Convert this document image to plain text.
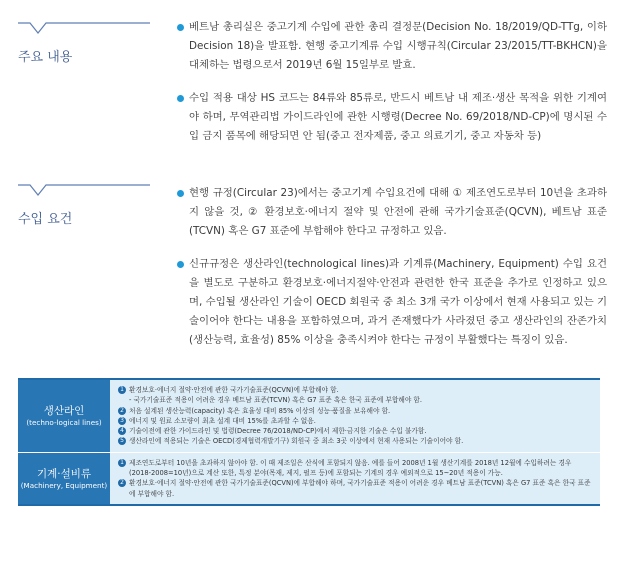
주요 내용

베트남 총리실은 중고기계 수입에 관한 총리 결정문(Decision No. 18/2019/QD-TTg, 이하 Decision 18)을 발표함. 현행 중고기계류 수입 시행규칙(Circular 23/2015/TT-BKHCN)을 대체하는 법령으로서 2019년 6월 15일부로 발효.

수입 적용 대상 HS 코드는 84류와 85류로, 반드시 베트남 내 제조·생산 목적을 위한 기계여야 하며, 무역관리법 가이드라인에 관한 시행령(Decree No. 69/2018/ND-CP)에 명시된 수입 금지 품목에 해당되면 안 됨(중고 전자제품, 중고 의료기기, 중고 자동차 등)

수입 요건

현행 규정(Circular 23)에서는 중고기계 수입요건에 대해 ① 제조연도로부터 10년을 초과하지 않을 것, ② 환경보호·에너지 절약 및 안전에 관해 국가기술표준(QCVN), 베트남 표준(TCVN) 혹은 G7 표준에 부합해야 한다고 규정하고 있음.

신규규정은 생산라인(technological lines)과 기계류(Machinery, Equipment) 수입 요건을 별도로 구분하고 환경보호·에너지절약·안전과 관련한 한국 표준을 추가로 인정하고 있으며, 수입될 생산라인 기술이 OECD 회원국 중 최소 3개 국가 이상에서 현재 사용되고 있는 기술이어야 한다는 내용을 포함하였으며, 과거 존재했다가 사라졌던 중고 생산라인의 잔존가치(생산능력, 효율성) 85% 이상을 충족시켜야 한다는 규정이 부활했다는 특징이 있음.

생산라인
(techno-logical lines)
1 환경보호·에너지 절약·안전에 관한 국가기술표준(QCVN)에 부합해야 함.
- 국가기술표준 적용이 어려운 경우 베트남 표준(TCVN) 혹은 G7 표준 혹은 한국 표준에 부합해야 함.
2 처음 설계된 생산능력(capacity) 혹은 효율성 대비 85% 이상의 성능·품질을 보유해야 함.
3 에너지 및 원료 소모량이 최초 설계 대비 15%를 초과할 수 없음.
4 기술이전에 관한 가이드라인 및 법령(Decree 76/2018/ND-CP)에서 제한·금지한 기술은 수입 불가함.
5 생산라인에 적용되는 기술은 OECD(경제협력개발기구) 회원국 중 최소 3곳 이상에서 현재 사용되는 기술이어야 함.
기계·설비류
(Machinery, Equipment)
1 제조연도로부터 10년을 초과하지 않아야 함. 이 때 제조일은 산식에 포함되지 않음. 예를 들어 2008년 1월 생산기계를 2018년 12월에 수입하려는 경우 (2018-2008=10년)으로 계산 또한, 특정 분야(목재, 제지, 펄프 등)에 포함되는 기계의 경우 예외적으로 15~20년 적용이 가능.
2 환경보호·에너지 절약·안전에 관한 국가기술표준(QCVN)에 부합해야 하며, 국가기술표준 적용이 어려운 경우 베트남 표준(TCVN) 혹은 G7 표준 혹은 한국 표준에 부합해야 함.
